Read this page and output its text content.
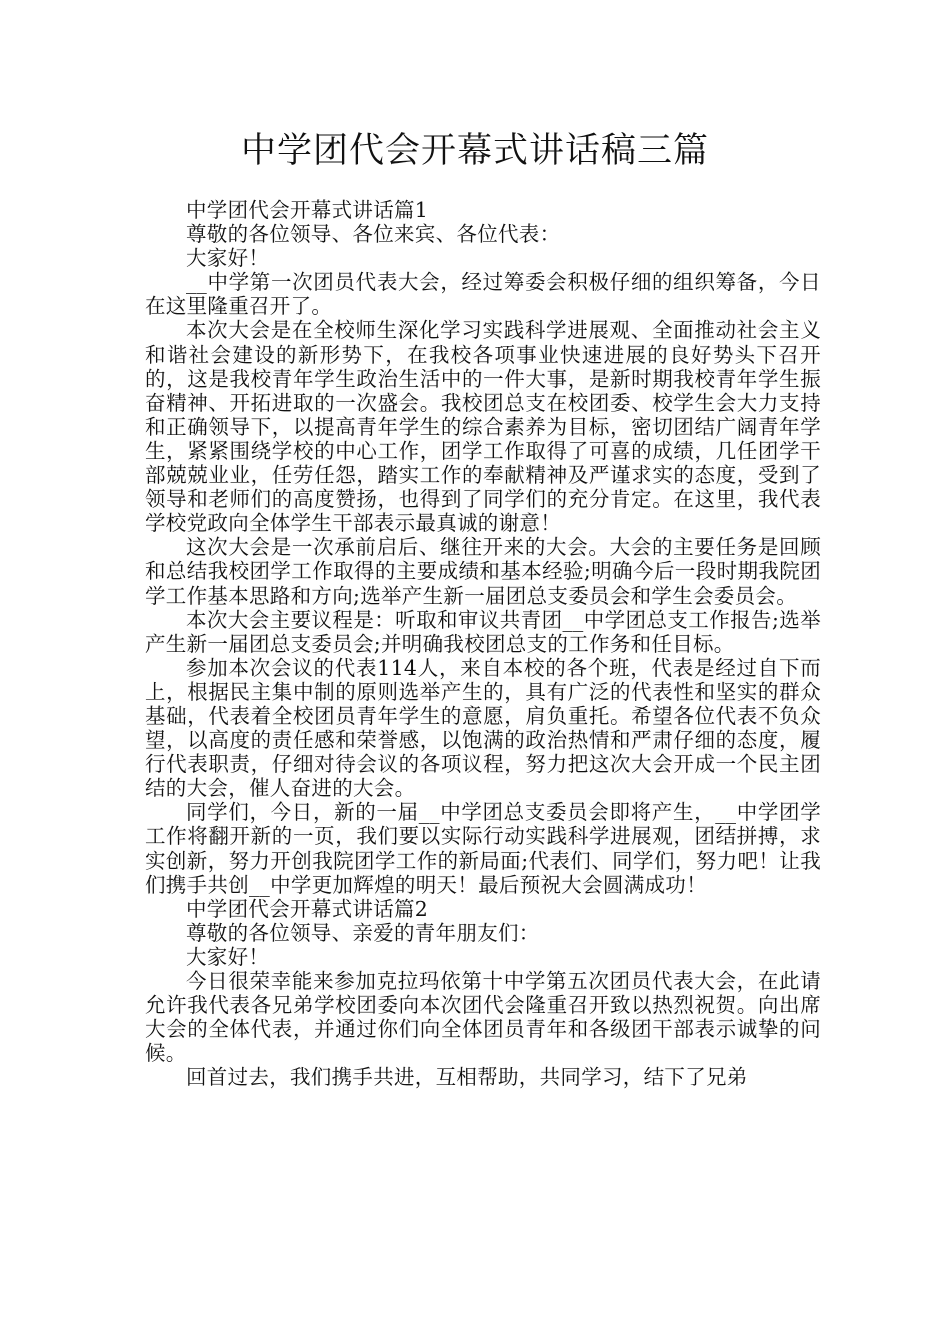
中学团代会开幕式讲话稿三篇

中学团代会开幕式讲话篇1

尊敬的各位领导、各位来宾、各位代表：

大家好！

__中学第一次团员代表大会，经过筹委会积极仔细的组织筹备，今日在这里隆重召开了。

本次大会是在全校师生深化学习实践科学进展观、全面推动社会主义和谐社会建设的新形势下，在我校各项事业快速进展的良好势头下召开的，这是我校青年学生政治生活中的一件大事，是新时期我校青年学生振奋精神、开拓进取的一次盛会。我校团总支在校团委、校学生会大力支持和正确领导下，以提高青年学生的综合素养为目标，密切团结广阔青年学生，紧紧围绕学校的中心工作，团学工作取得了可喜的成绩，几任团学干部兢兢业业，任劳任怨，踏实工作的奉献精神及严谨求实的态度，受到了领导和老师们的高度赞扬，也得到了同学们的充分肯定。在这里，我代表学校党政向全体学生干部表示最真诚的谢意！

这次大会是一次承前启后、继往开来的大会。大会的主要任务是回顾和总结我校团学工作取得的主要成绩和基本经验;明确今后一段时期我院团学工作基本思路和方向;选举产生新一届团总支委员会和学生会委员会。

本次大会主要议程是：听取和审议共青团__中学团总支工作报告;选举产生新一届团总支委员会;并明确我校团总支的工作务和任目标。

参加本次会议的代表114人，来自本校的各个班，代表是经过自下而上，根据民主集中制的原则选举产生的，具有广泛的代表性和坚实的群众基础，代表着全校团员青年学生的意愿，肩负重托。希望各位代表不负众望，以高度的责任感和荣誉感，以饱满的政治热情和严肃仔细的态度，履行代表职责，仔细对待会议的各项议程，努力把这次大会开成一个民主团结的大会，催人奋进的大会。

同学们，今日，新的一届__中学团总支委员会即将产生，__中学团学工作将翻开新的一页，我们要以实际行动实践科学进展观，团结拼搏，求实创新，努力开创我院团学工作的新局面;代表们、同学们，努力吧！让我们携手共创__中学更加辉煌的明天！最后预祝大会圆满成功！

中学团代会开幕式讲话篇2

尊敬的各位领导、亲爱的青年朋友们：

大家好！

今日很荣幸能来参加克拉玛依第十中学第五次团员代表大会，在此请允许我代表各兄弟学校团委向本次团代会隆重召开致以热烈祝贺。向出席大会的全体代表，并通过你们向全体团员青年和各级团干部表示诚挚的问候。

回首过去，我们携手共进，互相帮助，共同学习，结下了兄弟
